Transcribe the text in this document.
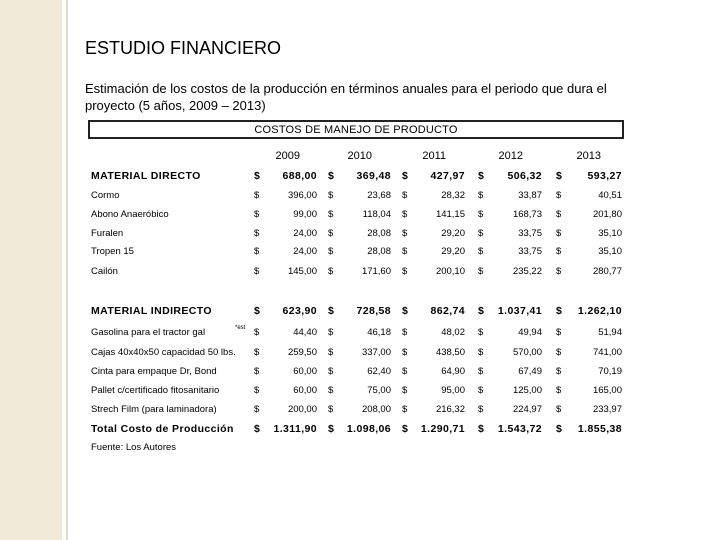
ESTUDIO FINANCIERO
Estimación de los costos de la producción en términos anuales para el periodo que dura el proyecto (5 años, 2009 – 2013)
COSTOS DE MANEJO DE PRODUCTO
2009	2010	2011	2012	2013
MATERIAL DIRECTO	$	688,00 $	369,48 $	427,97 $	506,32 $	593,27
Cormo	$	396,00 $	23,68 $	28,32 $	33,87 $	40,51
Abono Anaeróbico	$	99,00 $	118,04 $	141,15 $	168,73 $	201,80
Furalen	$	24,00 $	28,08 $	29,20 $	33,75 $	35,10
Tropen 15	$	24,00 $	28,08 $	29,20 $	33,75 $	35,10
Cailón	$	145,00 $	171,60 $	200,10 $	235,22 $	280,77
MATERIAL INDIRECTO	$	623,90 $	728,58 $	862,74 $	1.037,41 $	1.262,10
Gasolina para el tractor gal	*est $	44,40 $	46,18 $	48,02 $	49,94 $	51,94
Cajas 40x40x50 capacidad 50 lbs. $	259,50 $	337,00 $	438,50 $	570,00 $	741,00
Cinta para empaque Dr, Bond	$	60,00 $	62,40 $	64,90 $	67,49 $	70,19
Pallet c/certificado fitosanitario	$	60,00 $	75,00 $	95,00 $	125,00 $	165,00
Strech Film (para laminadora)	$	200,00 $	208,00 $	216,32 $	224,97 $	233,97
Total Costo de Producción $	1.311,90 $	1.098,06 $	1.290,71 $	1.543,72 $	1.855,38
Fuente: Los Autores
